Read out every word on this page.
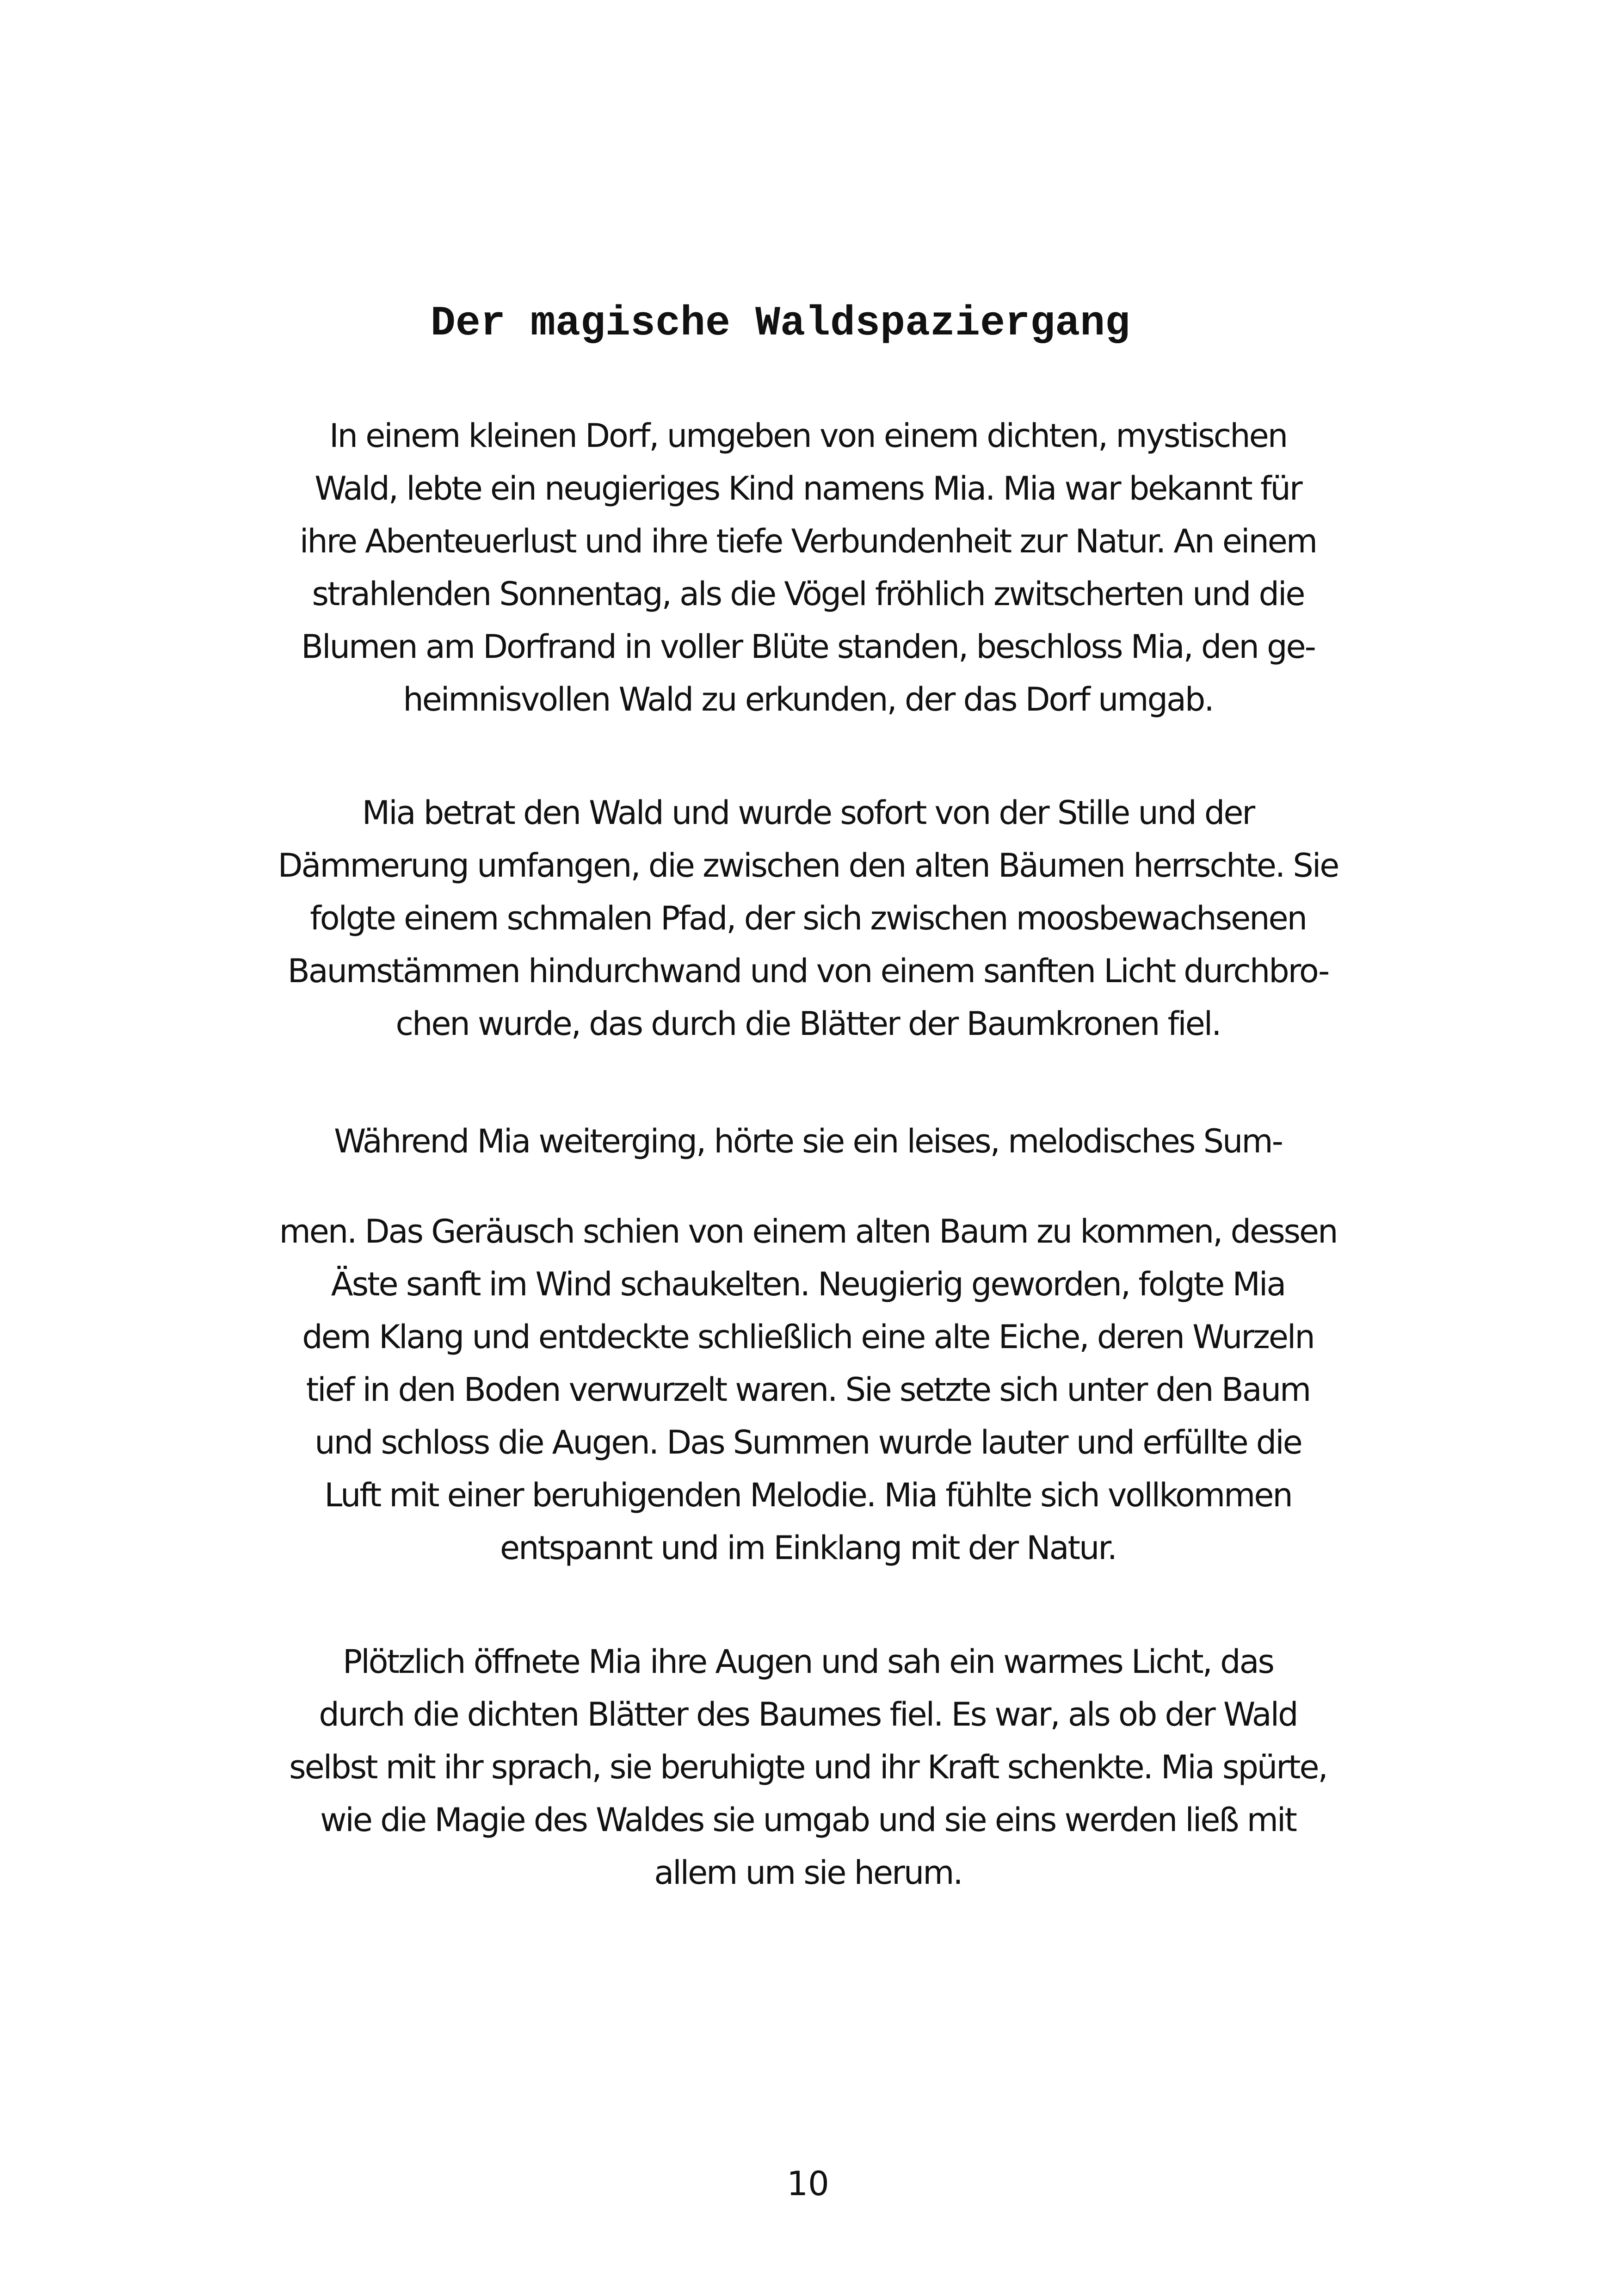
Der magische Waldspaziergang
In einem kleinen Dorf, umgeben von einem dichten, mystischen
Wald, lebte ein neugieriges Kind namens Mia. Mia war bekannt für
ihre Abenteuerlust und ihre tiefe Verbundenheit zur Natur. An einem
strahlenden Sonnentag, als die Vögel fröhlich zwitscherten und die
Blumen am Dorfrand in voller Blüte standen, beschloss Mia, den ge-
heimnisvollen Wald zu erkunden, der das Dorf umgab.
Mia betrat den Wald und wurde sofort von der Stille und der
Dämmerung umfangen, die zwischen den alten Bäumen herrschte. Sie
folgte einem schmalen Pfad, der sich zwischen moosbewachsenen
Baumstämmen hindurchwand und von einem sanften Licht durchbro-
chen wurde, das durch die Blätter der Baumkronen fiel.
Während Mia weiterging, hörte sie ein leises, melodisches Sum-
men. Das Geräusch schien von einem alten Baum zu kommen, dessen
Äste sanft im Wind schaukelten. Neugierig geworden, folgte Mia
dem Klang und entdeckte schließlich eine alte Eiche, deren Wurzeln
tief in den Boden verwurzelt waren. Sie setzte sich unter den Baum
und schloss die Augen. Das Summen wurde lauter und erfüllte die
Luft mit einer beruhigenden Melodie. Mia fühlte sich vollkommen
entspannt und im Einklang mit der Natur.
Plötzlich öffnete Mia ihre Augen und sah ein warmes Licht, das
durch die dichten Blätter des Baumes fiel. Es war, als ob der Wald
selbst mit ihr sprach, sie beruhigte und ihr Kraft schenkte. Mia spürte,
wie die Magie des Waldes sie umgab und sie eins werden ließ mit
allem um sie herum.
10
